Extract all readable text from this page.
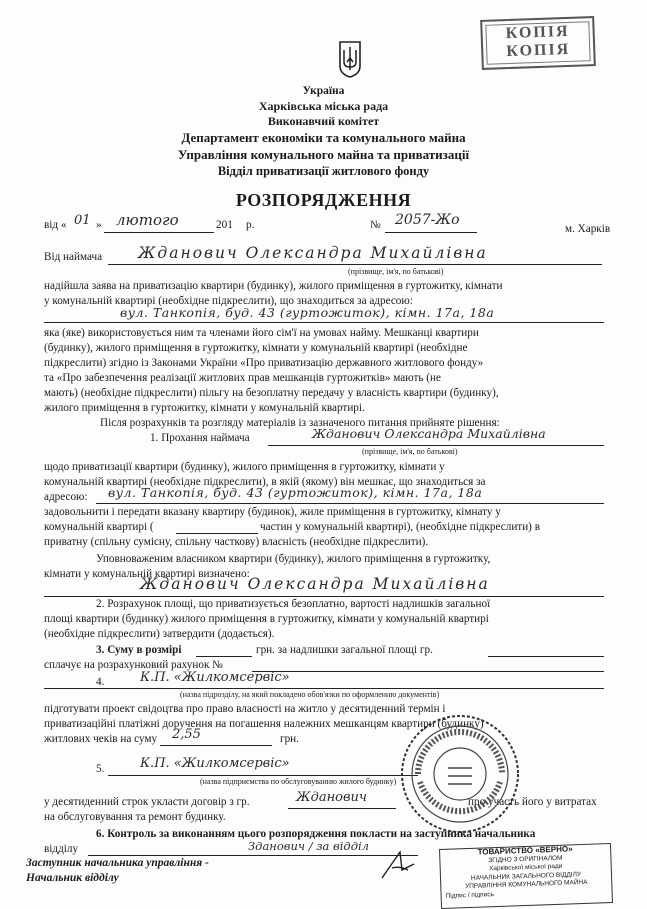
КОПІЯ
КОПІЯ
Україна
Харківська міська рада
Виконавчий комітет
Департамент економіки та комунального майна
Управління комунального майна та приватизації
Відділ приватизації житлового фонду
РОЗПОРЯДЖЕННЯ
від « 01 » лютого	201 р.	№ 2057-Жо
м. Харків
Від наймача Жданович Олександра Михайлівна
(прізвище, ім'я, по батькові)
надійшла заява на приватизацію квартири (будинку), жилого приміщення в гуртожитку, кімнати
у комунальній квартирі (необхідне підкреслити), що знаходиться за адресою:
вул. Танкопія, буд. 43 (гуртожиток), кімн. 17а, 18а
яка (яке) використовується ним та членами його сім'ї на умовах найму. Мешканці квартири
(будинку), жилого приміщення в гуртожитку, кімнати у комунальній квартирі (необхідне
підкреслити) згідно із Законами України «Про приватизацію державного житлового фонду»
та «Про забезпечення реалізації житлових прав мешканців гуртожитків» мають (не
мають) (необхідне підкреслити) пільгу на безоплатну передачу у власність квартири (будинку),
жилого приміщення в гуртожитку, кімнати у комунальній квартирі.
Після розрахунків та розгляду матеріалів із зазначеного питання прийняте рішення:
1. Прохання наймача	Жданович Олександра Михайлівна
(прізвище, ім'я, по батькові)
щодо приватизації квартири (будинку), жилого приміщення в гуртожитку, кімнати у
комунальній квартирі (необхідне підкреслити), в якій (якому) він мешкає, що знаходиться за
адресою: вул. Танкопія, буд. 43 (гуртожиток), кімн. 17а, 18а
задовольнити і передати вказану квартиру (будинок), жиле приміщення в гуртожитку, кімнату у
комунальній квартирі (	частин у комунальній квартирі), (необхідне підкреслити) в
приватну (спільну сумісну, спільну часткову) власність (необхідне підкреслити).
Уповноваженим власником квартири (будинку), жилого приміщення в гуртожитку,
кімнати у комунальній квартирі визначено:
Жданович Олександра Михайлівна
2. Розрахунок площі, що приватизується безоплатно, вартості надлишків загальної
площі квартири (будинку) жилого приміщення в гуртожитку, кімнати у комунальній квартирі
(необхідне підкреслити) затвердити (додається).
3. Суму в розмірі	грн. за надлишки загальної площі гр.
сплачує на розрахунковий рахунок №
4.	К.П. «Жилкомсервіс»
(назва підрозділу, на який покладено обов'язки по оформленню документів)
підготувати проект свідоцтва про право власності на житло у десятиденний термін і
приватизаційні платіжні доручення на погашення належних мешканцям квартири (будинку)
житлових чеків на суму 2,55	грн.
5.	К.П. «Жилкомсервіс»
(назва підприємства по обслуговуванню жилого будинку)
у десятиденний строк укласти договір з гр.	Жданович	про участь його у витратах
на обслуговування та ремонт будинку.
6. Контроль за виконанням цього розпорядження покласти на заступника начальника
відділу	Зданович / за відділ
Заступник начальника управління -
Начальник відділу
ТОВАРИСТВО «ВЕРНО»
ЗГІДНО З ОРИГІНАЛОМ
Харківської міської ради
НАЧАЛЬНИК ЗАГАЛЬНОГО ВІДДІЛУ
УПРАВЛІННЯ КОМУНАЛЬНОГО МАЙНА
Підпис / підпись
